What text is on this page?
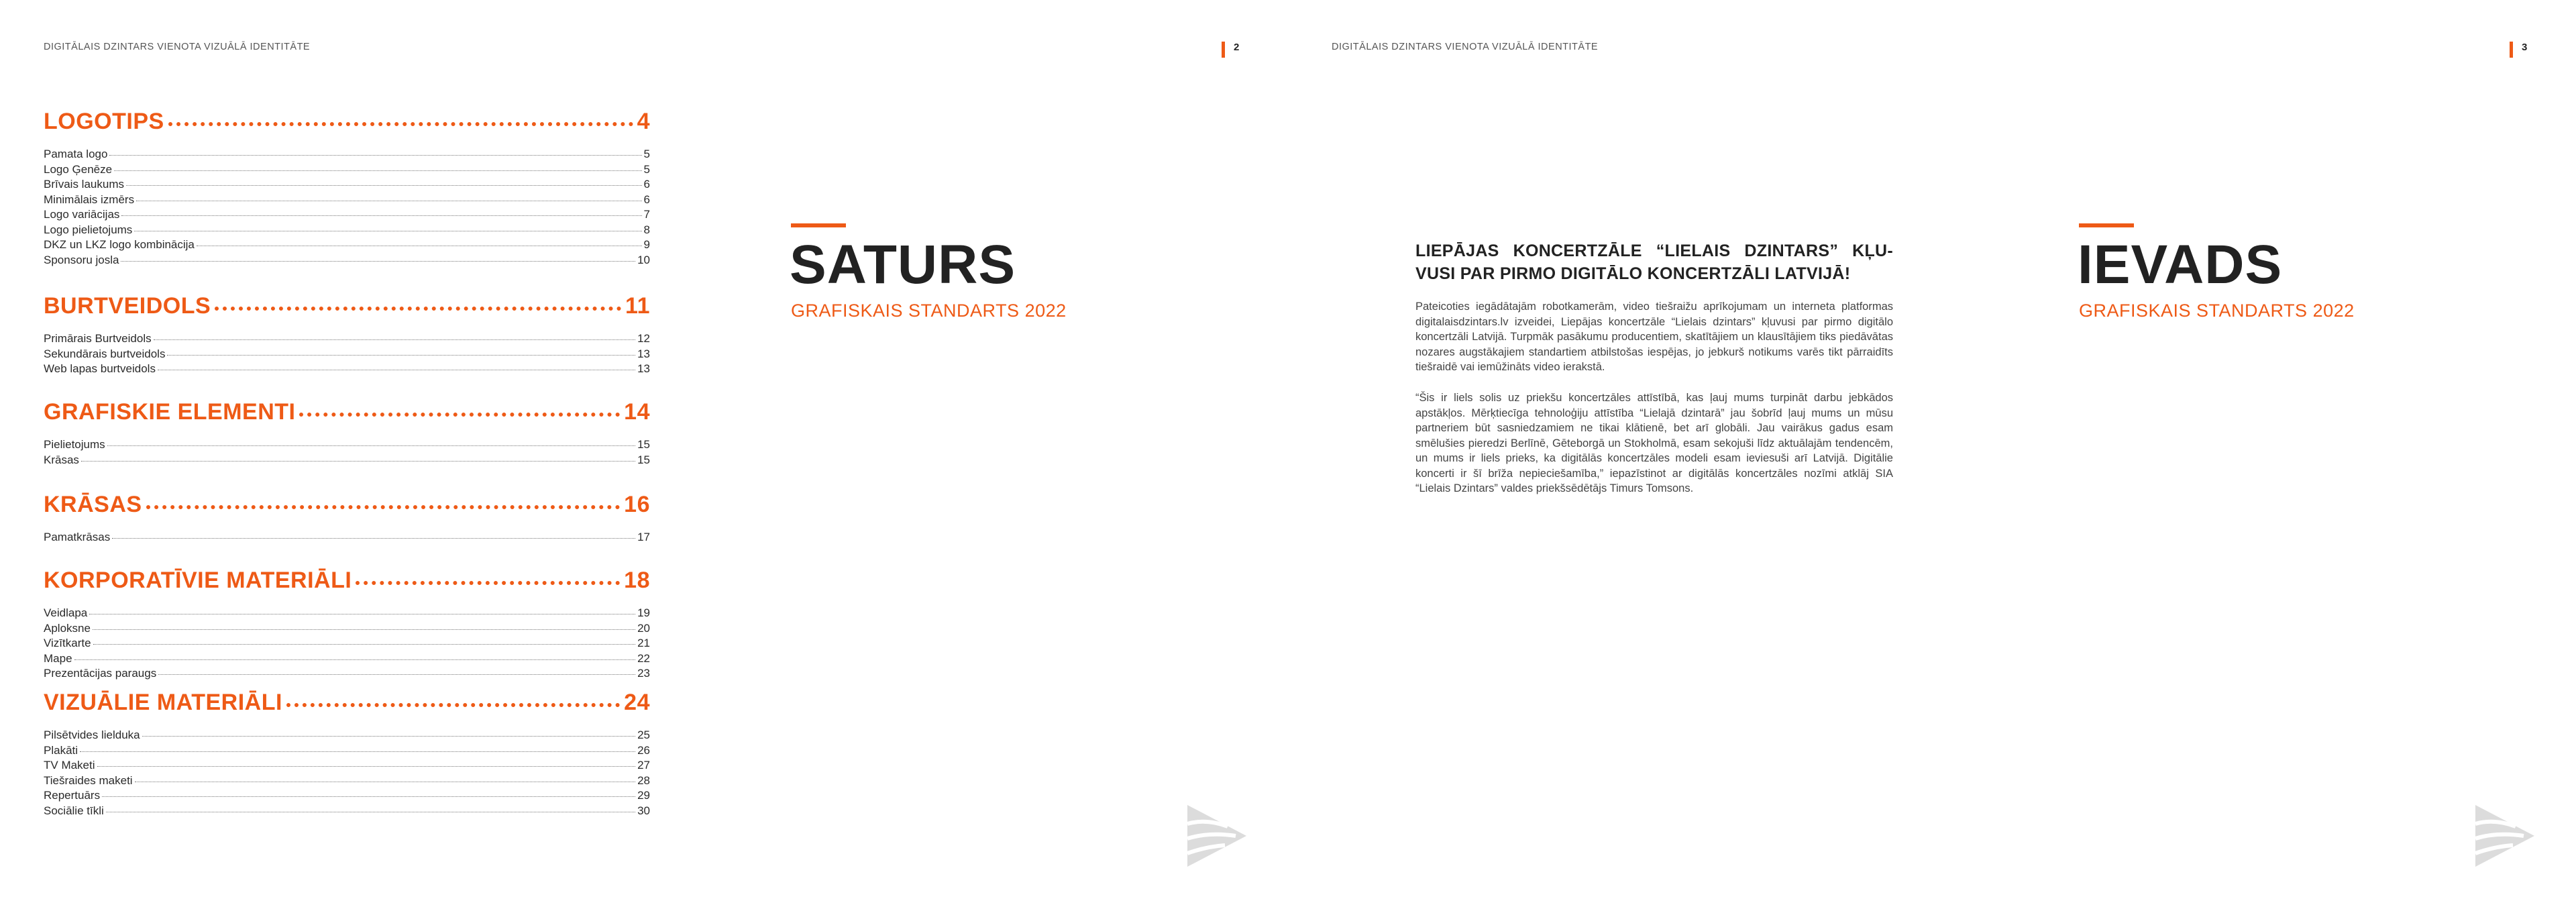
DIGITĀLAIS DZINTARS VIENOTA VIZUĀLĀ IDENTITĀTE	2
LOGOTIPS	4
Pamata logo	5
Logo Ģenēze	5
Brīvais laukums	6
Minimālais izmērs	6
Logo variācijas	7
Logo pielietojums	8
DKZ un LKZ logo kombinācija	9
Sponsoru josla	10
BURTVEIDOLS	11
Primārais Burtveidols	12
Sekundārais burtveidols	13
Web lapas burtveidols	13
GRAFISKIE ELEMENTI	14
Pielietojums	15
Krāsas	15
KRĀSAS	16
Pamatkrāsas	17
KORPORATĪVIE MATERIĀLI	18
Veidlapa	19
Aploksne	20
Vizītkarte	21
Mape	22
Prezentācijas paraugs	23
VIZUĀLIE MATERIĀLI	24
Pilsētvides lielduka	25
Plakāti	26
TV Maketi	27
Tiešraides maketi	28
Repertuārs	29
Sociālie tīkli	30
SATURS
GRAFISKAIS STANDARTS 2022
DIGITĀLAIS DZINTARS VIENOTA VIZUĀLĀ IDENTITĀTE	3
LIEPĀJAS KONCERTZĀLE “LIELAIS DZINTARS” KĻU-VUSI PAR PIRMO DIGITĀLO KONCERTZĀLI LATVIJĀ!
Pateicoties iegādātajām robotkamerām, video tiešraižu aprīkojumam un interneta platformas digitalaisdzintars.lv izveidei, Liepājas koncertzāle “Lielais dzintars” kļuvusi par pirmo digitālo koncertzāli Latvijā. Turpmāk pasākumu producentiem, skatītājiem un klausītājiem tiks piedāvātas nozares augstākajiem standartiem atbilstošas iespējas, jo jebkurš notikums varēs tikt pārraidīts tiešraidē vai iemūžināts video ierakstā.
“Šis ir liels solis uz priekšu koncertzāles attīstībā, kas ļauj mums turpināt darbu jebkādos apstākļos. Mērķtiecīga tehnoloģiju attīstība “Lielajā dzintarā” jau šobrīd ļauj mums un mūsu partneriem būt sasniedzamiem ne tikai klātienē, bet arī globāli. Jau vairākus gadus esam smēlušies pieredzi Berlīnē, Gēteborgā un Stokholmā, esam sekojuši līdz aktuālajām tendencēm, un mums ir liels prieks, ka digitālās koncertzāles modeli esam ieviesuši arī Latvijā. Digitālie koncerti ir šī brīža nepieciešamība,” iepazīstinot ar digitālās koncertzāles nozīmi atklāj SIA “Lielais Dzintars” valdes priekšsēdētājs Timurs Tomsons.
IEVADS
GRAFISKAIS STANDARTS 2022
